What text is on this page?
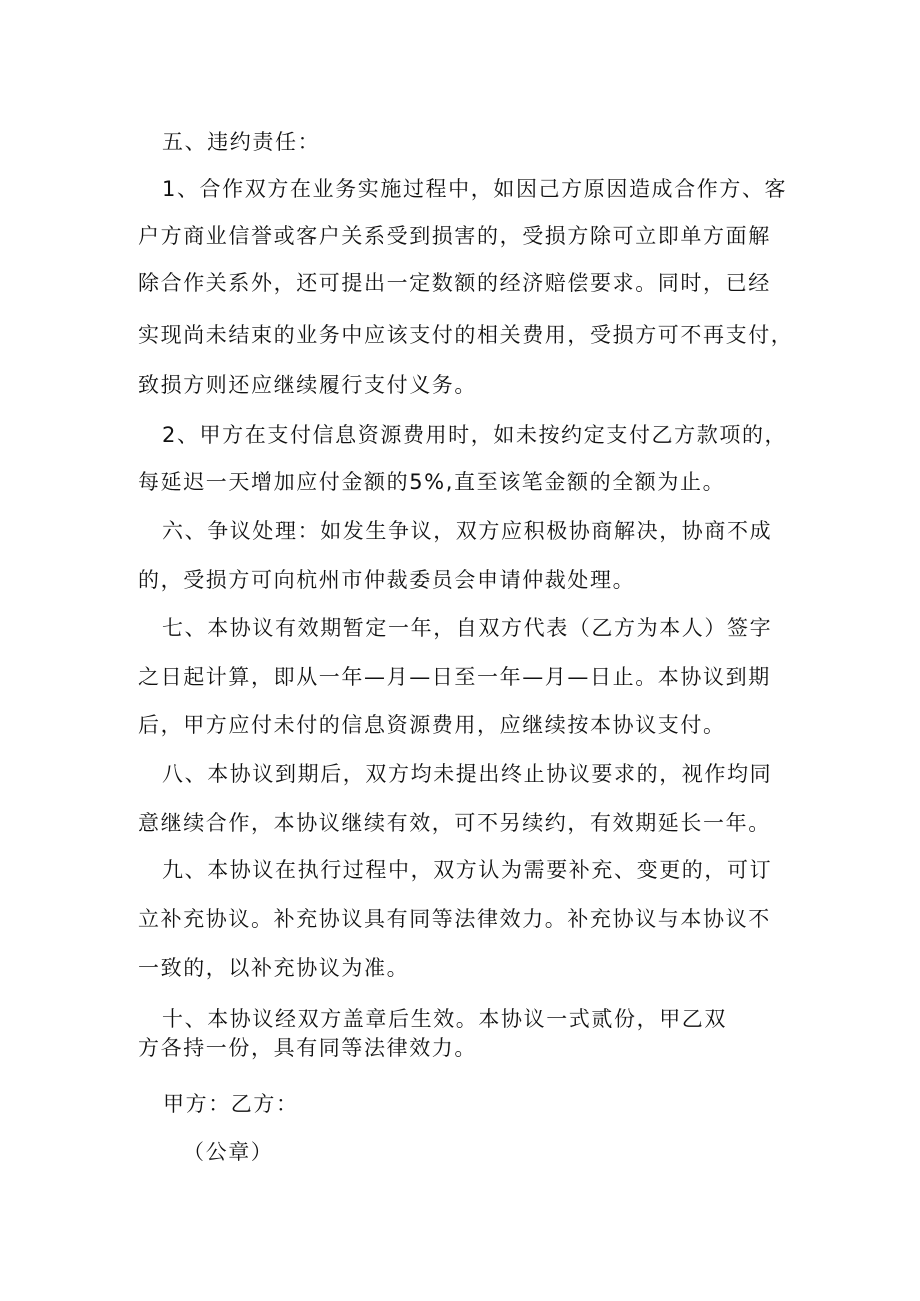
五、违约责任：
1、合作双方在业务实施过程中，如因己方原因造成合作方、客
户方商业信誉或客户关系受到损害的，受损方除可立即单方面解
除合作关系外，还可提出一定数额的经济赔偿要求。同时，已经
实现尚未结束的业务中应该支付的相关费用，受损方可不再支付，
致损方则还应继续履行支付义务。
2、甲方在支付信息资源费用时，如未按约定支付乙方款项的，
每延迟一天增加应付金额的5%,直至该笔金额的全额为止。
六、争议处理：如发生争议，双方应积极协商解决，协商不成
的，受损方可向杭州市仲裁委员会申请仲裁处理。
七、本协议有效期暂定一年，自双方代表（乙方为本人）签字
之日起计算，即从一年—月—日至一年—月—日止。本协议到期
后，甲方应付未付的信息资源费用，应继续按本协议支付。
八、本协议到期后，双方均未提出终止协议要求的，视作均同
意继续合作，本协议继续有效，可不另续约，有效期延长一年。
九、本协议在执行过程中，双方认为需要补充、变更的，可订
立补充协议。补充协议具有同等法律效力。补充协议与本协议不
一致的，以补充协议为准。
十、本协议经双方盖章后生效。本协议一式贰份，甲乙双
方各持一份，具有同等法律效力。
甲方：乙方：
（公章）
